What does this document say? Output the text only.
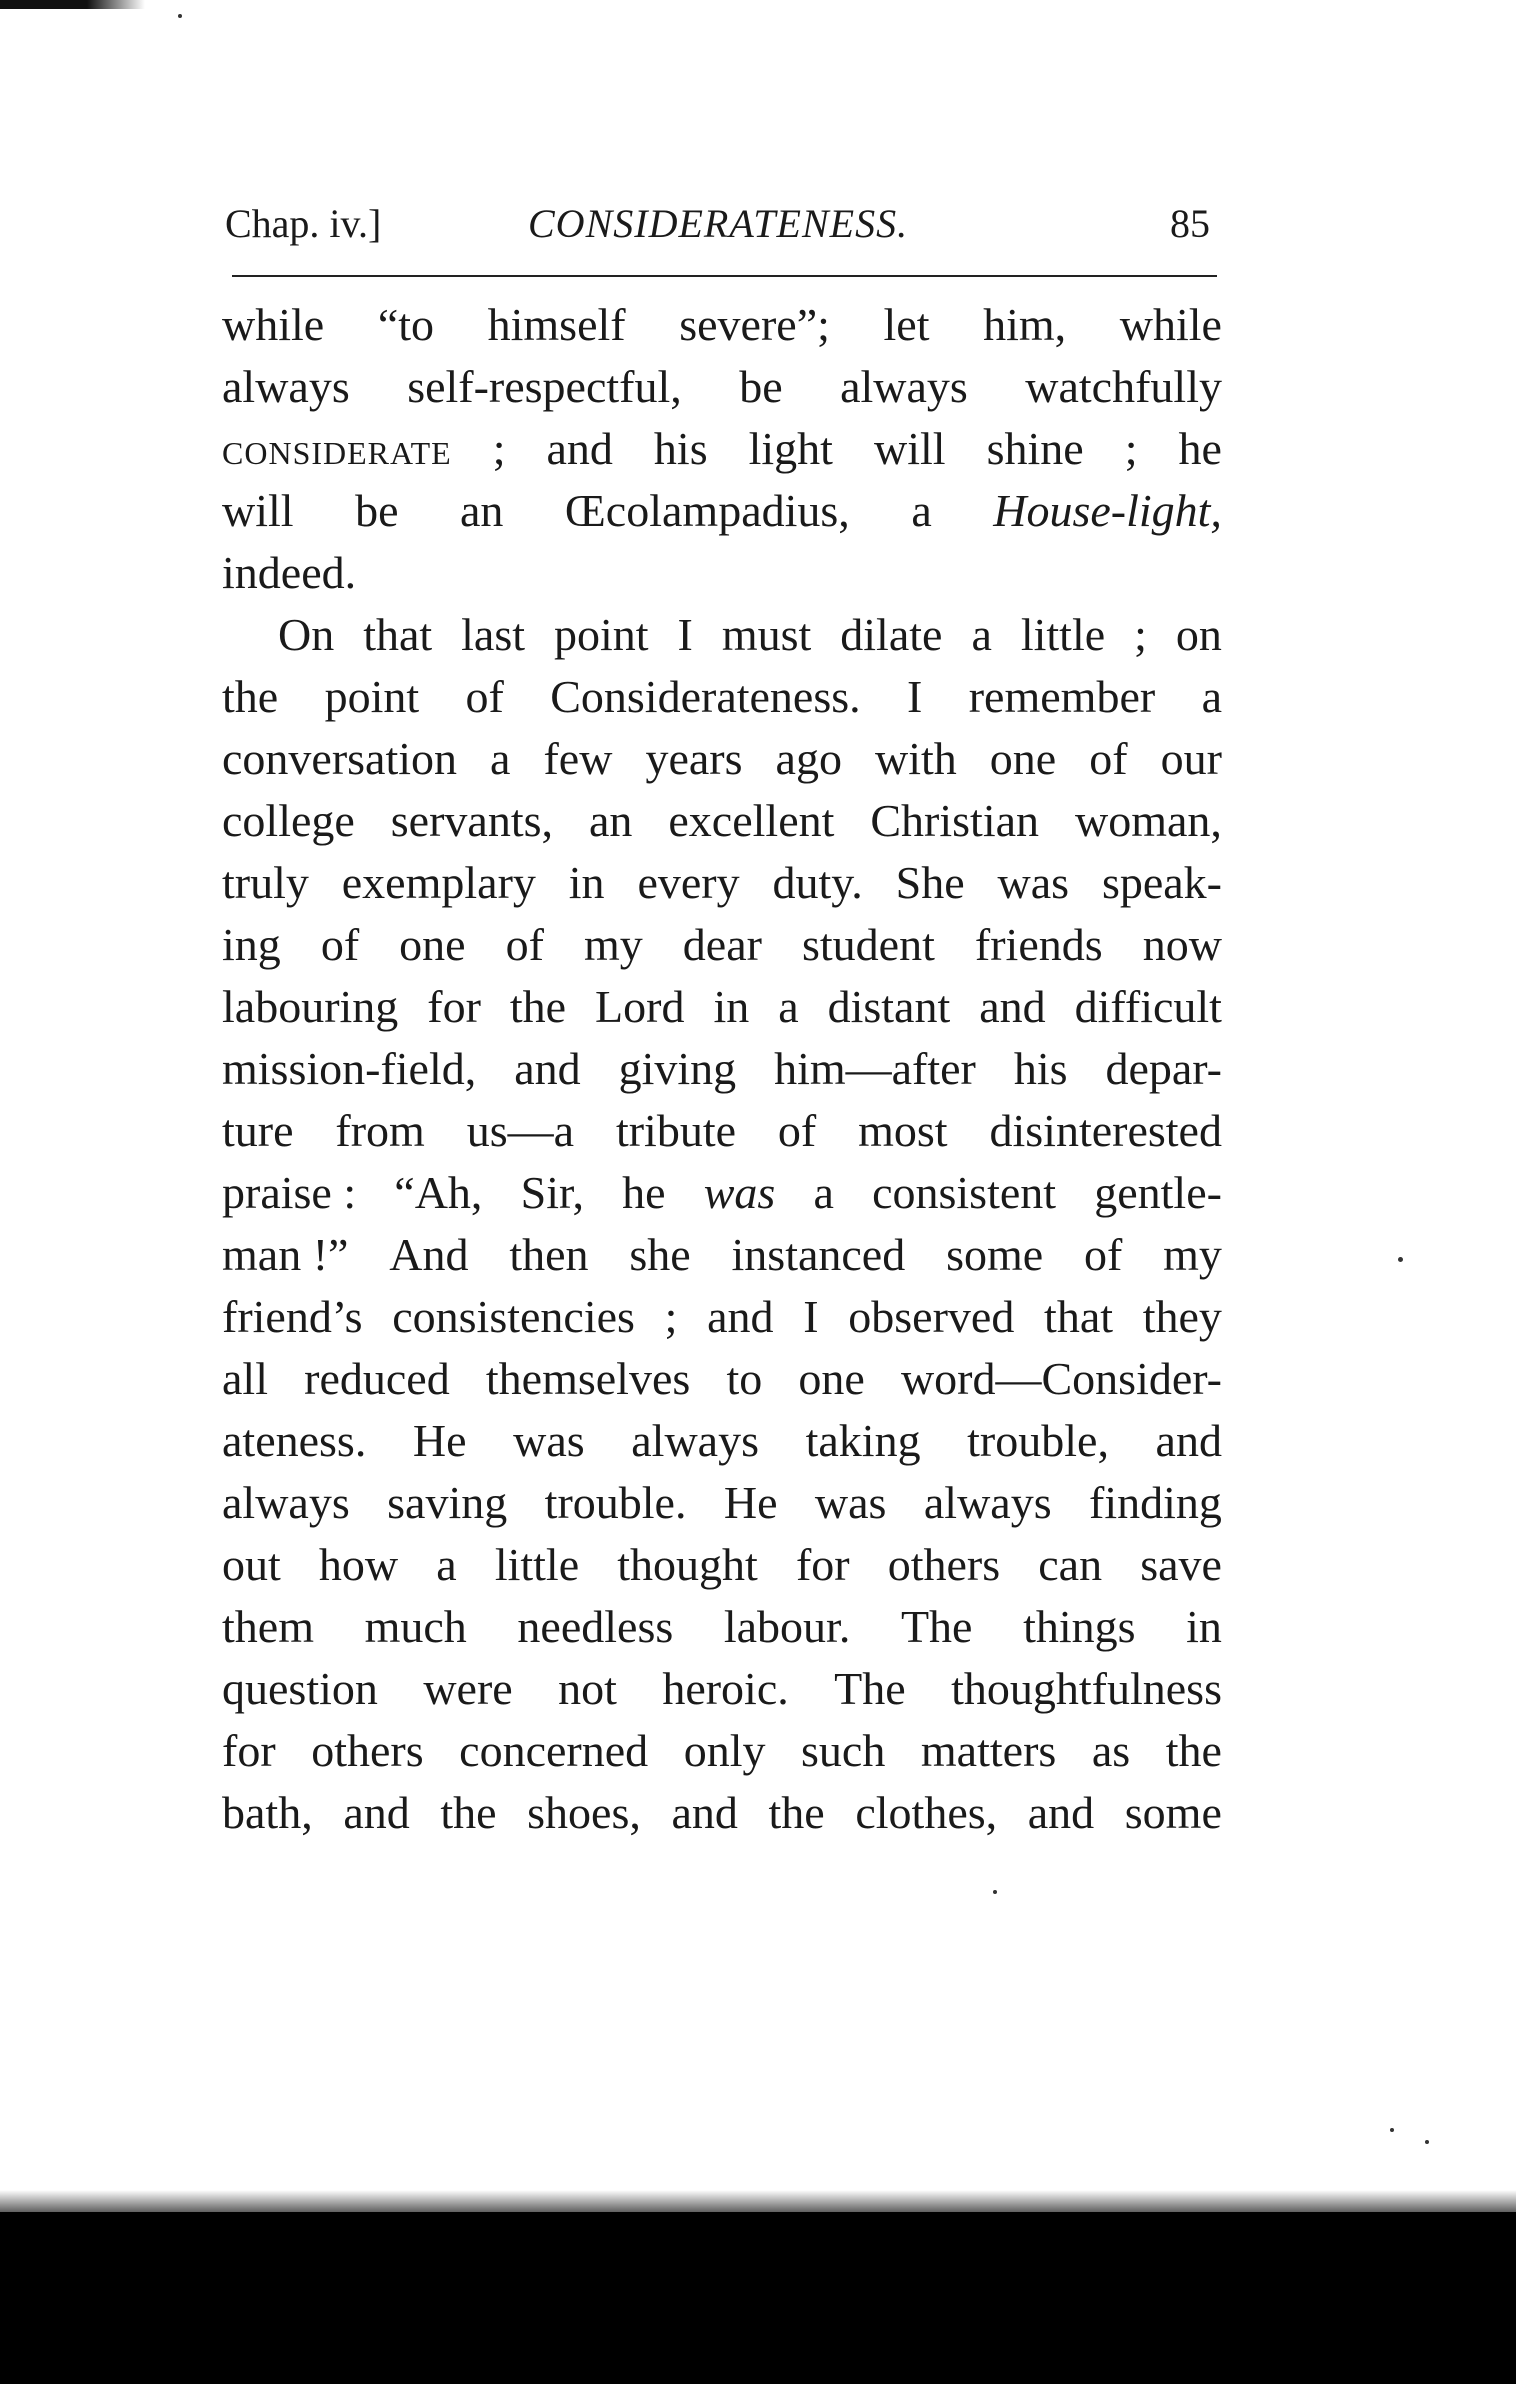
Chap. iv.]	CONSIDERATENESS.	85
while “to himself severe”; let him, while
always self-respectful, be always watchfully
CONSIDERATE ; and his light will shine ; he
will be an Œcolampadius, a House-light,
indeed.
On that last point I must dilate a little ; on
the point of Considerateness. I remember a
conversation a few years ago with one of our
college servants, an excellent Christian woman,
truly exemplary in every duty. She was speak-
ing of one of my dear student friends now
labouring for the Lord in a distant and difficult
mission-field, and giving him—after his depar-
ture from us—a tribute of most disinterested
praise : “Ah, Sir, he was a consistent gentle-
man !” And then she instanced some of my
friend’s consistencies ; and I observed that they
all reduced themselves to one word—Consider-
ateness. He was always taking trouble, and
always saving trouble. He was always finding
out how a little thought for others can save
them much needless labour. The things in
question were not heroic. The thoughtfulness
for others concerned only such matters as the
bath, and the shoes, and the clothes, and some
